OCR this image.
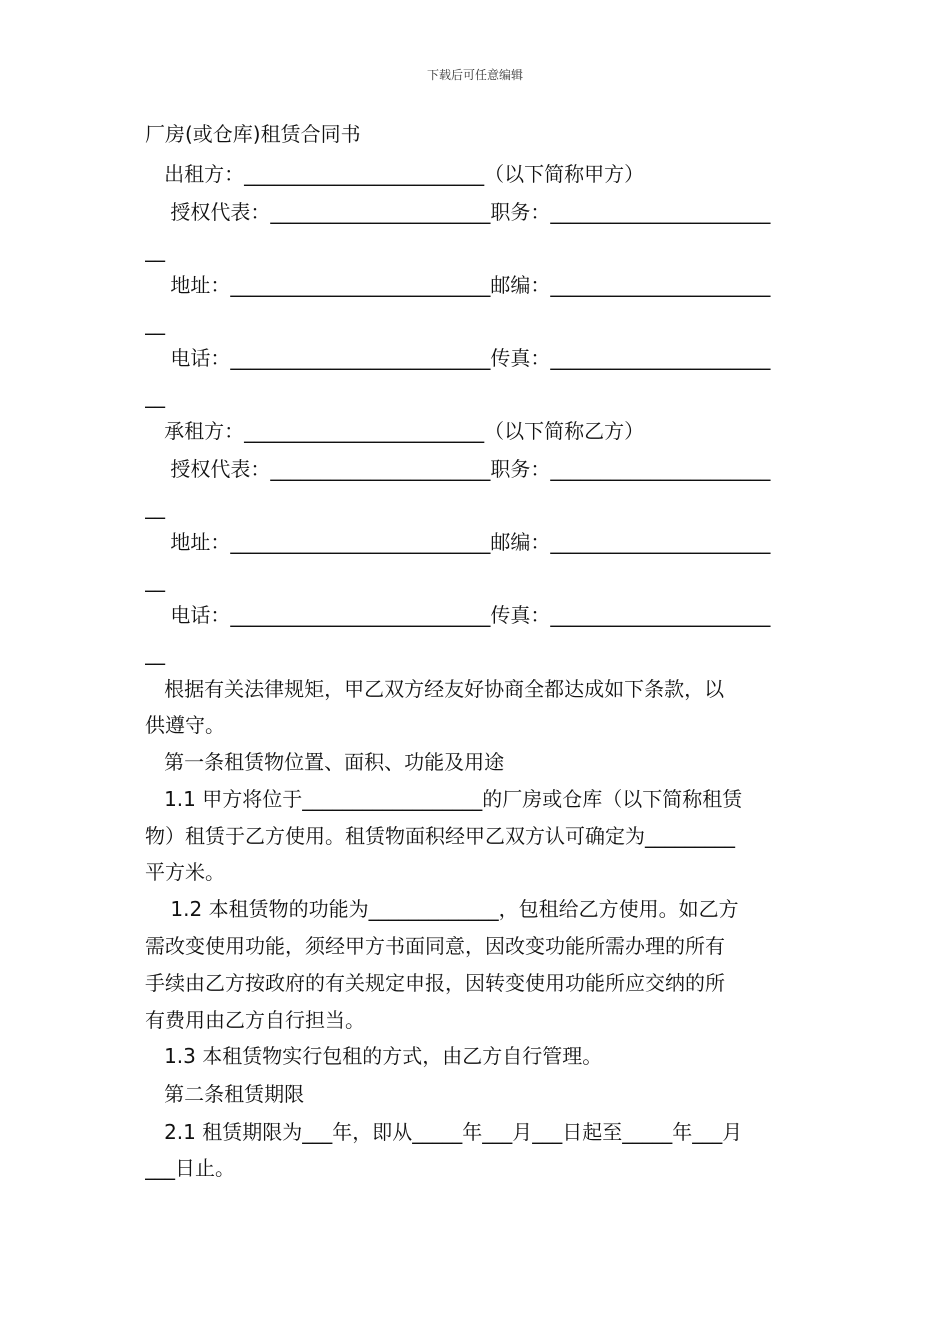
下载后可任意编辑
厂房(或仓库)租赁合同书
出租方：________________________（以下简称甲方）
授权代表：______________________职务：______________________
__
地址：__________________________邮编：______________________
__
电话：__________________________传真：______________________
__
承租方：________________________（以下简称乙方）
授权代表：______________________职务：______________________
__
地址：__________________________邮编：______________________
__
电话：__________________________传真：______________________
__
根据有关法律规矩，甲乙双方经友好协商全都达成如下条款，以
供遵守。
第一条租赁物位置、面积、功能及用途
1.1 甲方将位于__________________的厂房或仓库（以下简称租赁
物）租赁于乙方使用。租赁物面积经甲乙双方认可确定为_________
平方米。
1.2 本租赁物的功能为_____________，包租给乙方使用。如乙方
需改变使用功能，须经甲方书面同意，因改变功能所需办理的所有
手续由乙方按政府的有关规定申报，因转变使用功能所应交纳的所
有费用由乙方自行担当。
1.3 本租赁物实行包租的方式，由乙方自行管理。
第二条租赁期限
2.1 租赁期限为___年，即从_____年___月___日起至_____年___月
___日止。
